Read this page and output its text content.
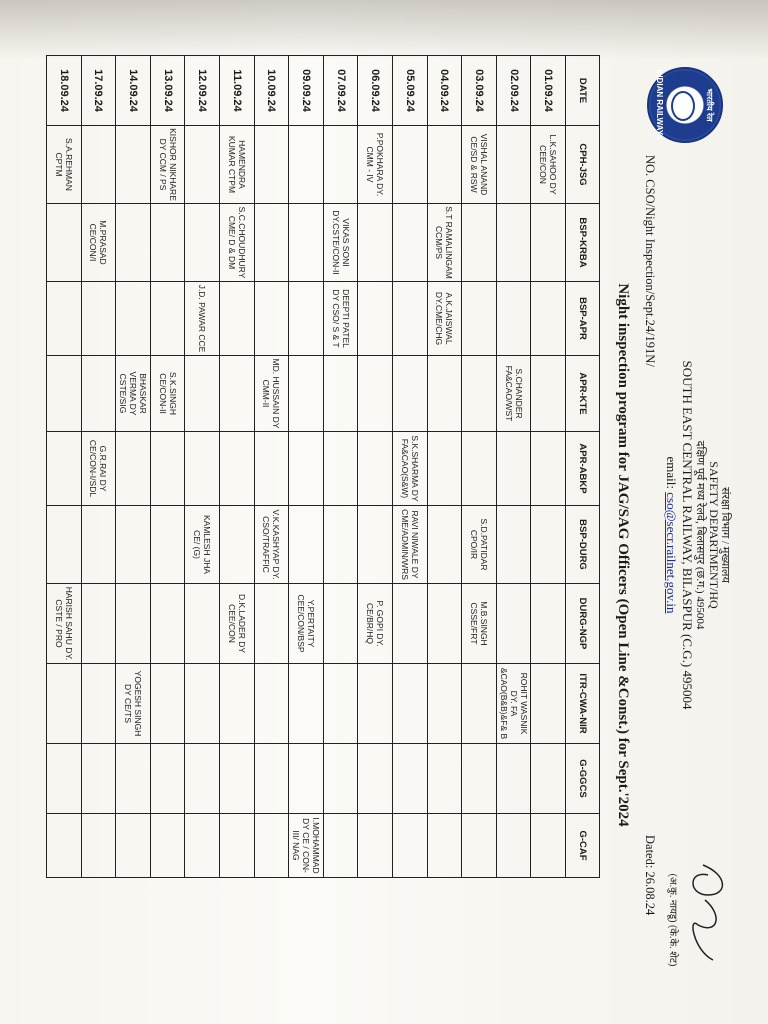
भारतीय रेल
INDIAN RAILWAYS
संरक्षा विभाग / मुख्यालय
SAFETY DEPARTMENT/HQ
दक्षिण पूर्व मध्य रेलवे, बिलासपुर (छ.ग.) 495004
SOUTH EAST CENTRAL RAILWAY, BILASPUR (C.G.) 495004
email: cso@secr.railnet.gov.in
(अ.कु. नायडू) (के.के. शेट)
NO. CSO/Night Inspection/Sept.24/191N/
Dated: 26.08.24
Night inspection program for JAG/SAG Officers (Open Line &Const.) for Sept.'2024
DATE
CPH-JSG
BSP-KRBA
BSP-APR
APR-KTE
APR-ABKP
BSP-DURG
DURG-NGP
ITR-CWA-NIR
G-GGCS
G-CAF
01.09.24
L.K.SAHOO DY CEE/CON
02.09.24
S.CHANDER FA&CAO/WST
ROHIT WASNIK DY. FA &CAO(B&B)&F& B
03.09.24
VISHAL ANAND CE/SD & RSW
S.D.PATIDAR CPO/IR
M.B.SINGH CSSE/FRT
04.09.24
S.T RAMALINGAM CCM/PS
A.K.JAISWAL DY.CME/CHG
05.09.24
S.K.SHARMA DY FA&CAO(S&W)
RAVI NIWALE DY CME/ADMIN/WRS
06.09.24
P.POKHARA DY. CMM - IV
P. GOPI DY. CE/BR/HQ
07.09.24
VIKAS SONI DY.CSTE/CON-II
DEEPTI PATEL DY CSO/ S & T
09.09.24
Y.PERTAITY CEE/CON/BSP
I.MOHAMMAD DY CE / CON-III/ NAG
10.09.24
MD. HUSSAIN DY CMM-II
V.K.KASHYAP DY. CSO/TRAFFIC
11.09.24
HAMENDRA KUMAR CTPM
S.C.CHOUDHURY CME/ D & DM
D.K.LADER DY CEE/CON
12.09.24
J.D. PAWAR CCE
KAMLESH JHA CE/ (G)
13.09.24
KISHOR NIKHARE DY CCM / PS
S.K.SINGH CE/CON-II
14.09.24
BHASKAR VERMA DY CSTE/SIG
YOGESH SINGH DY CE/TS
17.09.24
M.PRASAD CE/CON/I
G.R.RAI DY CE/CON-I/SDL
18.09.24
S.A.REHMAN CPTM
HARISH SAHU DY. CSTE / PRO
